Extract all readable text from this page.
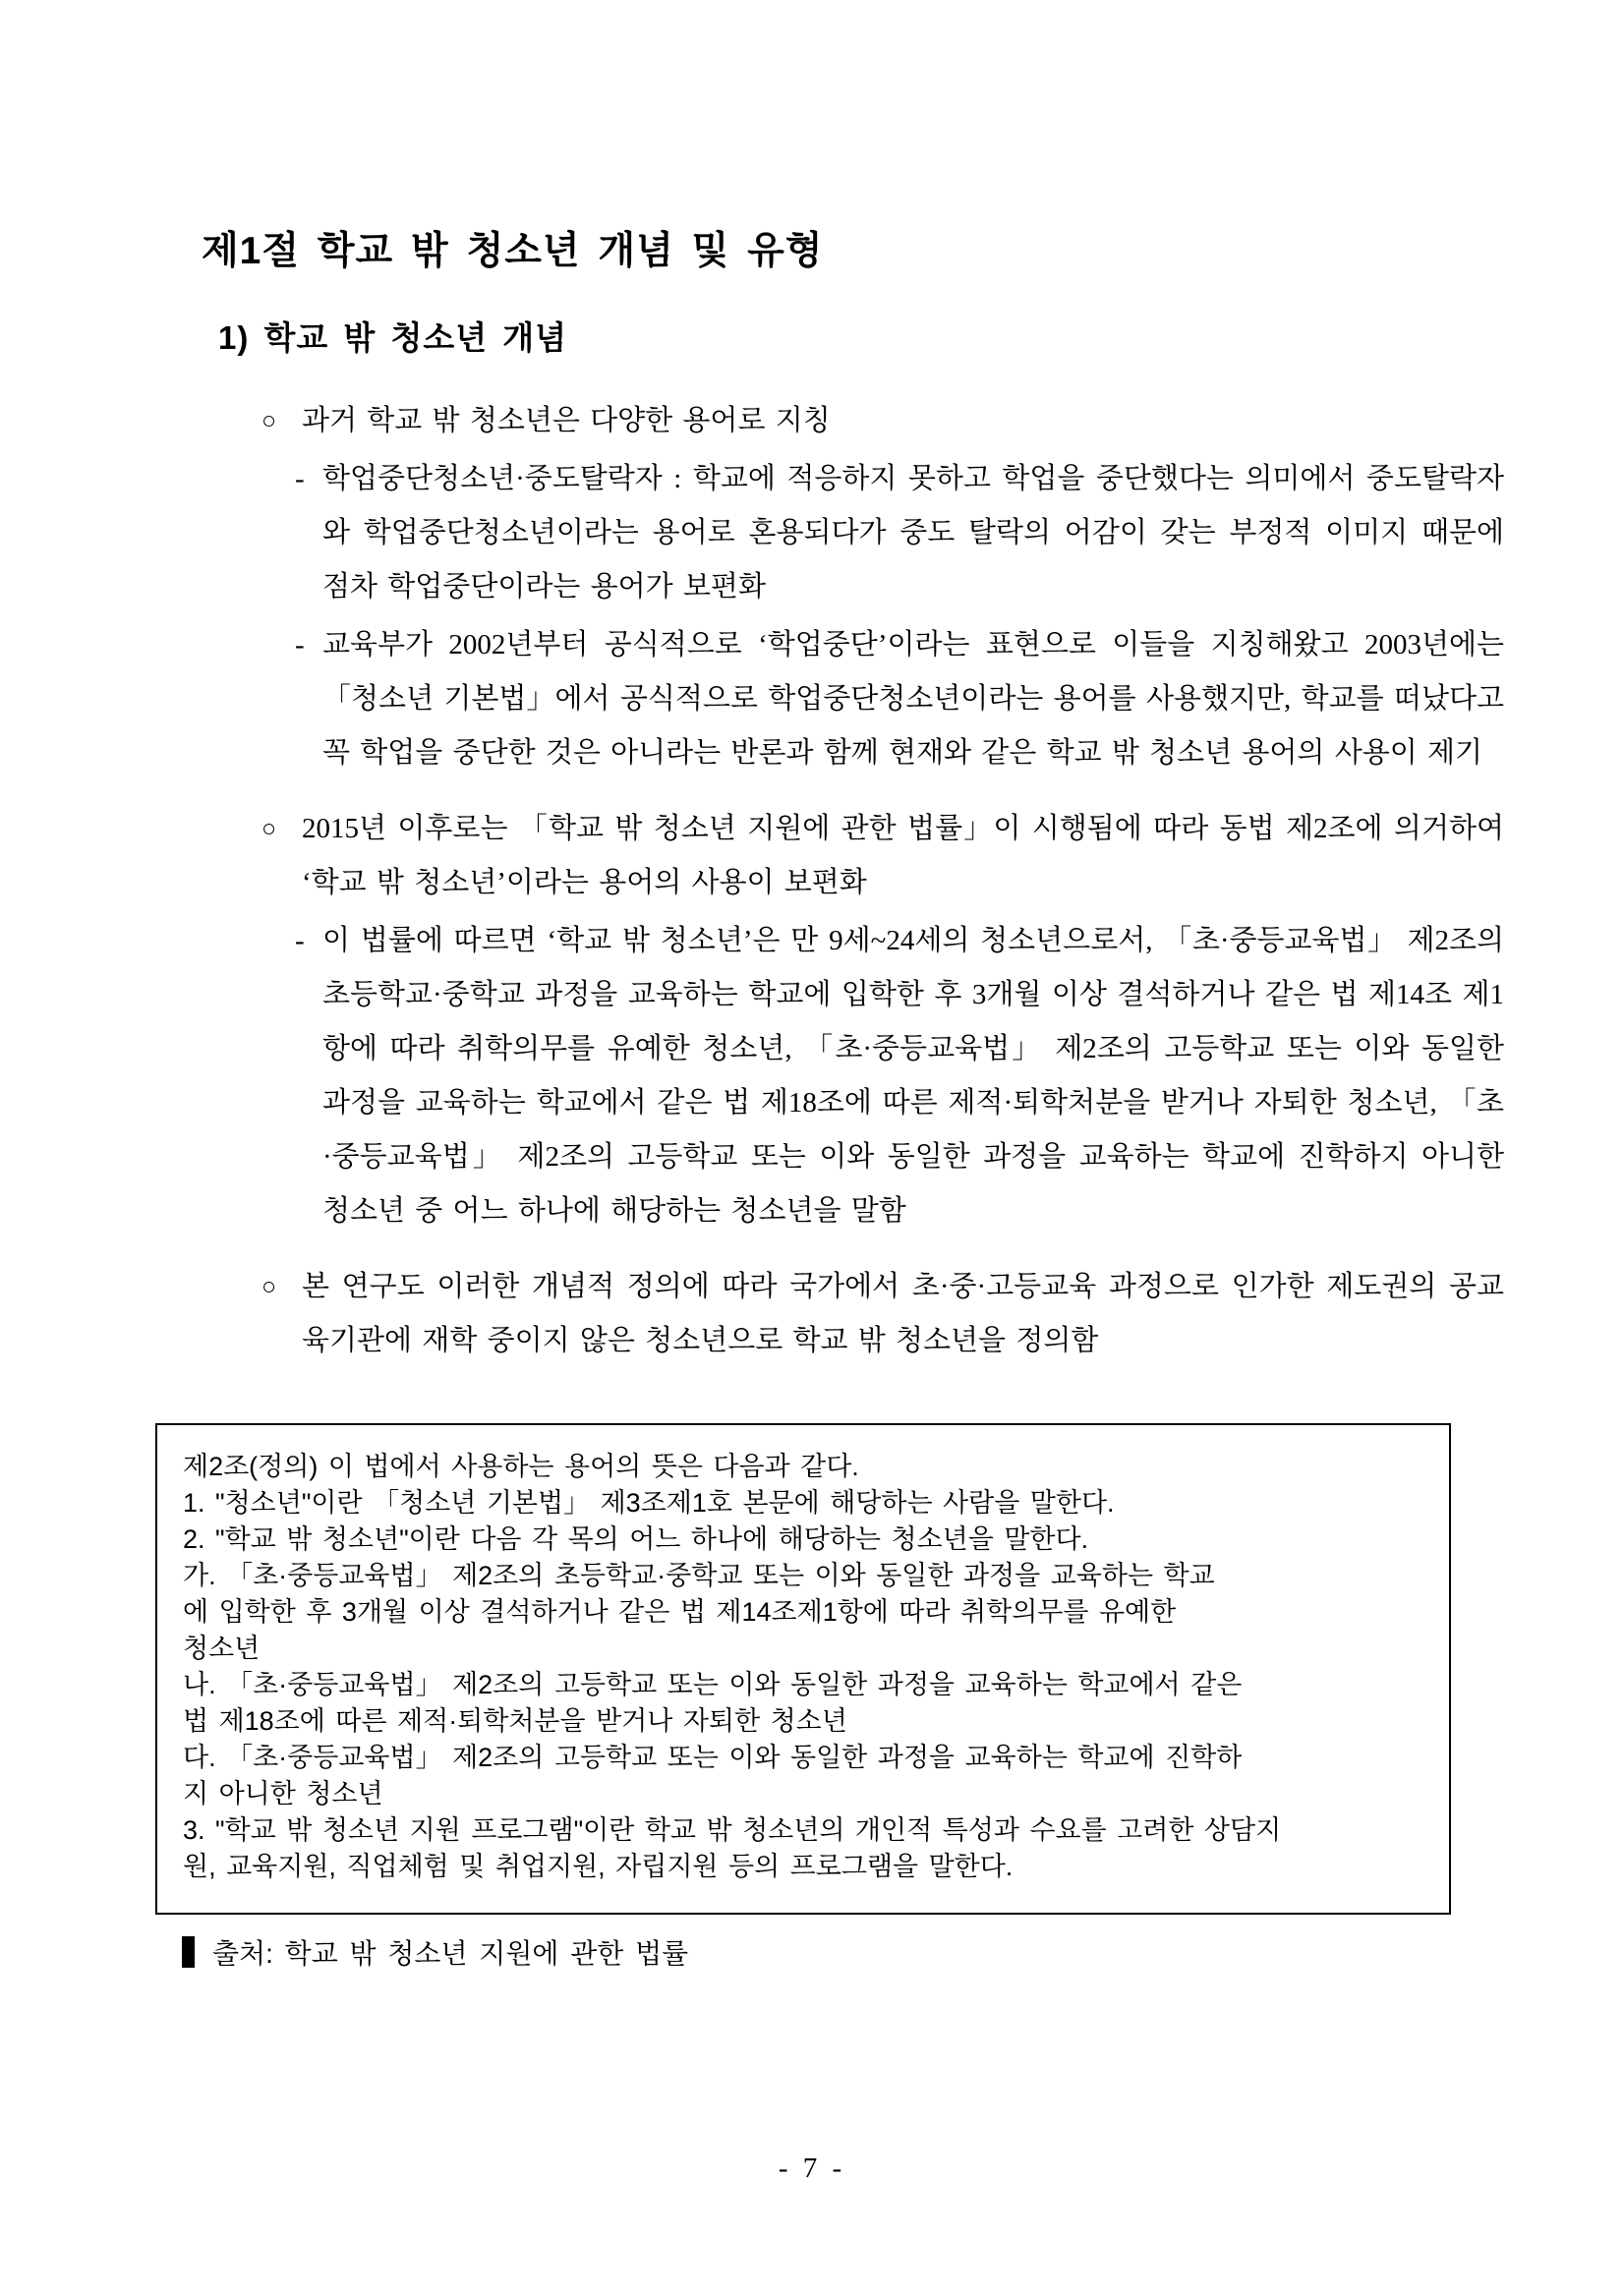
제1절 학교 밖 청소년 개념 및 유형
1) 학교 밖 청소년 개념
○ 과거 학교 밖 청소년은 다양한 용어로 지칭
- 학업중단청소년·중도탈락자 : 학교에 적응하지 못하고 학업을 중단했다는 의미에서 중도탈락자와 학업중단청소년이라는 용어로 혼용되다가 중도 탈락의 어감이 갖는 부정적 이미지 때문에 점차 학업중단이라는 용어가 보편화
- 교육부가 2002년부터 공식적으로 ‘학업중단’이라는 표현으로 이들을 지칭해왔고 2003년에는 「청소년 기본법」에서 공식적으로 학업중단청소년이라는 용어를 사용했지만, 학교를 떠났다고 꼭 학업을 중단한 것은 아니라는 반론과 함께 현재와 같은 학교 밖 청소년 용어의 사용이 제기
○ 2015년 이후로는 「학교 밖 청소년 지원에 관한 법률」이 시행됨에 따라 동법 제2조에 의거하여 ‘학교 밖 청소년’이라는 용어의 사용이 보편화
- 이 법률에 따르면 ‘학교 밖 청소년’은 만 9세~24세의 청소년으로서, 「초·중등교육법」 제2조의 초등학교·중학교 과정을 교육하는 학교에 입학한 후 3개월 이상 결석하거나 같은 법 제14조 제1항에 따라 취학의무를 유예한 청소년, 「초·중등교육법」 제2조의 고등학교 또는 이와 동일한 과정을 교육하는 학교에서 같은 법 제18조에 따른 제적·퇴학처분을 받거나 자퇴한 청소년, 「초·중등교육법」 제2조의 고등학교 또는 이와 동일한 과정을 교육하는 학교에 진학하지 아니한 청소년 중 어느 하나에 해당하는 청소년을 말함
○ 본 연구도 이러한 개념적 정의에 따라 국가에서 초·중·고등교육 과정으로 인가한 제도권의 공교육기관에 재학 중이지 않은 청소년으로 학교 밖 청소년을 정의함
제2조(정의) 이 법에서 사용하는 용어의 뜻은 다음과 같다.
1. "청소년"이란 「청소년 기본법」 제3조제1호 본문에 해당하는 사람을 말한다.
2. "학교 밖 청소년"이란 다음 각 목의 어느 하나에 해당하는 청소년을 말한다.
가. 「초·중등교육법」 제2조의 초등학교·중학교 또는 이와 동일한 과정을 교육하는 학교
에 입학한 후 3개월 이상 결석하거나 같은 법 제14조제1항에 따라 취학의무를 유예한
청소년
나. 「초·중등교육법」 제2조의 고등학교 또는 이와 동일한 과정을 교육하는 학교에서 같은
법 제18조에 따른 제적·퇴학처분을 받거나 자퇴한 청소년
다. 「초·중등교육법」 제2조의 고등학교 또는 이와 동일한 과정을 교육하는 학교에 진학하
지 아니한 청소년
3. "학교 밖 청소년 지원 프로그램"이란 학교 밖 청소년의 개인적 특성과 수요를 고려한 상담지
원, 교육지원, 직업체험 및 취업지원, 자립지원 등의 프로그램을 말한다.
출처: 학교 밖 청소년 지원에 관한 법률
- 7 -
